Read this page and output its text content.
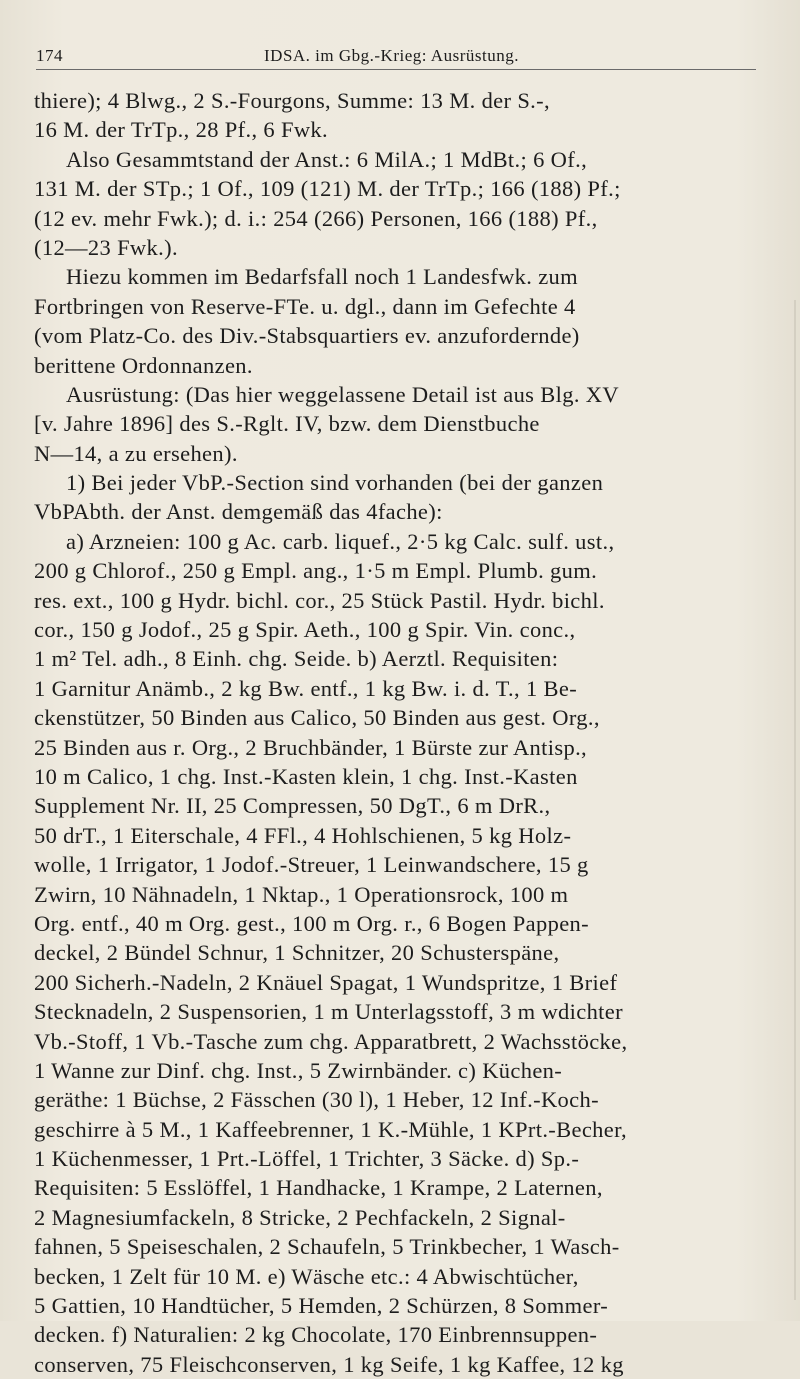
174	IDSA. im Gbg.-Krieg: Ausrüstung.
thiere); 4 Blwg., 2 S.-Fourgons, Summe: 13 M. der S.-,
16 M. der TrTp., 28 Pf., 6 Fwk.
Also Gesammtstand der Anst.: 6 MilA.; 1 MdBt.; 6 Of.,
131 M. der STp.; 1 Of., 109 (121) M. der TrTp.; 166 (188) Pf.;
(12 ev. mehr Fwk.); d. i.: 254 (266) Personen, 166 (188) Pf.,
(12—23 Fwk.).
Hiezu kommen im Bedarfsfall noch 1 Landesfwk. zum
Fortbringen von Reserve-FTe. u. dgl., dann im Gefechte 4
(vom Platz-Co. des Div.-Stabsquartiers ev. anzufordernde)
berittene Ordonnanzen.
Ausrüstung: (Das hier weggelassene Detail ist aus Blg. XV
[v. Jahre 1896] des S.-Rglt. IV, bzw. dem Dienstbuche
N—14, a zu ersehen).
1) Bei jeder VbP.-Section sind vorhanden (bei der ganzen
VbPAbth. der Anst. demgemäß das 4fache):
a) Arzneien: 100 g Ac. carb. liquef., 2·5 kg Calc. sulf. ust.,
200 g Chlorof., 250 g Empl. ang., 1·5 m Empl. Plumb. gum.
res. ext., 100 g Hydr. bichl. cor., 25 Stück Pastil. Hydr. bichl.
cor., 150 g Jodof., 25 g Spir. Aeth., 100 g Spir. Vin. conc.,
1 m² Tel. adh., 8 Einh. chg. Seide. b) Aerztl. Requisiten:
1 Garnitur Anämb., 2 kg Bw. entf., 1 kg Bw. i. d. T., 1 Be-
ckenstützer, 50 Binden aus Calico, 50 Binden aus gest. Org.,
25 Binden aus r. Org., 2 Bruchbänder, 1 Bürste zur Antisp.,
10 m Calico, 1 chg. Inst.-Kasten klein, 1 chg. Inst.-Kasten
Supplement Nr. II, 25 Compressen, 50 DgT., 6 m DrR.,
50 drT., 1 Eiterschale, 4 FFl., 4 Hohlschienen, 5 kg Holz-
wolle, 1 Irrigator, 1 Jodof.-Streuer, 1 Leinwandschere, 15 g
Zwirn, 10 Nähnadeln, 1 Nktap., 1 Operationsrock, 100 m
Org. entf., 40 m Org. gest., 100 m Org. r., 6 Bogen Pappen-
deckel, 2 Bündel Schnur, 1 Schnitzer, 20 Schusterspäne,
200 Sicherh.-Nadeln, 2 Knäuel Spagat, 1 Wundspritze, 1 Brief
Stecknadeln, 2 Suspensorien, 1 m Unterlagsstoff, 3 m wdichter
Vb.-Stoff, 1 Vb.-Tasche zum chg. Apparatbrett, 2 Wachsstöcke,
1 Wanne zur Dinf. chg. Inst., 5 Zwirnbänder. c) Küchen-
geräthe: 1 Büchse, 2 Fässchen (30 l), 1 Heber, 12 Inf.-Koch-
geschirre à 5 M., 1 Kaffeebrenner, 1 K.-Mühle, 1 KPrt.-Becher,
1 Küchenmesser, 1 Prt.-Löffel, 1 Trichter, 3 Säcke. d) Sp.-
Requisiten: 5 Esslöffel, 1 Handhacke, 1 Krampe, 2 Laternen,
2 Magnesiumfackeln, 8 Stricke, 2 Pechfackeln, 2 Signal-
fahnen, 5 Speiseschalen, 2 Schaufeln, 5 Trinkbecher, 1 Wasch-
becken, 1 Zelt für 10 M. e) Wäsche etc.: 4 Abwischtücher,
5 Gattien, 10 Handtücher, 5 Hemden, 2 Schürzen, 8 Sommer-
decken. f) Naturalien: 2 kg Chocolate, 170 Einbrennsuppen-
conserven, 75 Fleischconserven, 1 kg Seife, 1 kg Kaffee, 12 kg
